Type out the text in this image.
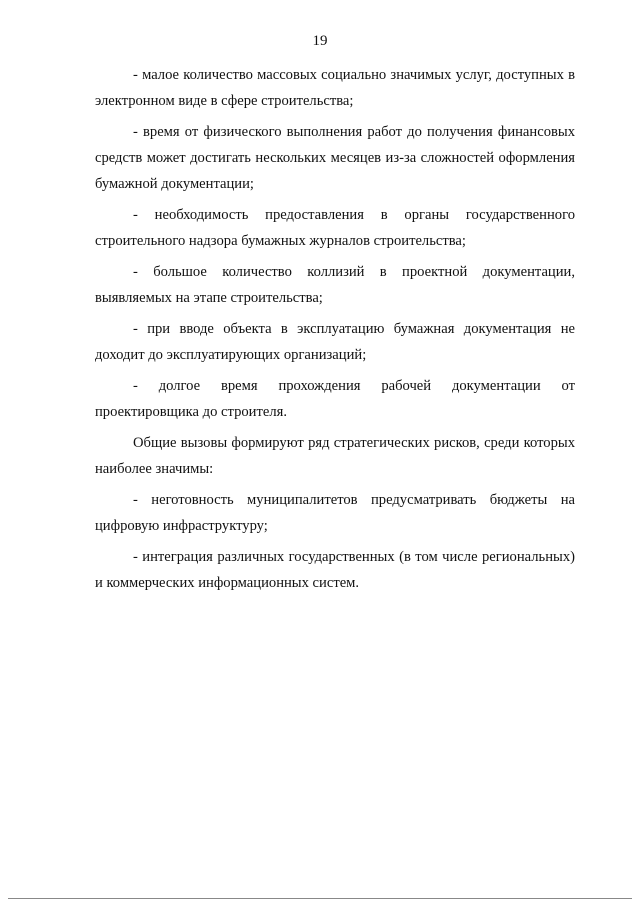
19

- малое количество массовых социально значимых услуг, доступных в электронном виде в сфере строительства;

- время от физического выполнения работ до получения финансовых средств может достигать нескольких месяцев из-за сложностей оформления бумажной документации;

- необходимость предоставления в органы государственного строительного надзора бумажных журналов строительства;

- большое количество коллизий в проектной документации, выявляемых на этапе строительства;

- при вводе объекта в эксплуатацию бумажная документация не доходит до эксплуатирующих организаций;

- долгое время прохождения рабочей документации от проектировщика до строителя.

Общие вызовы формируют ряд стратегических рисков, среди которых наиболее значимы:

- неготовность муниципалитетов предусматривать бюджеты на цифровую инфраструктуру;

- интеграция различных государственных (в том числе региональных) и коммерческих информационных систем.
